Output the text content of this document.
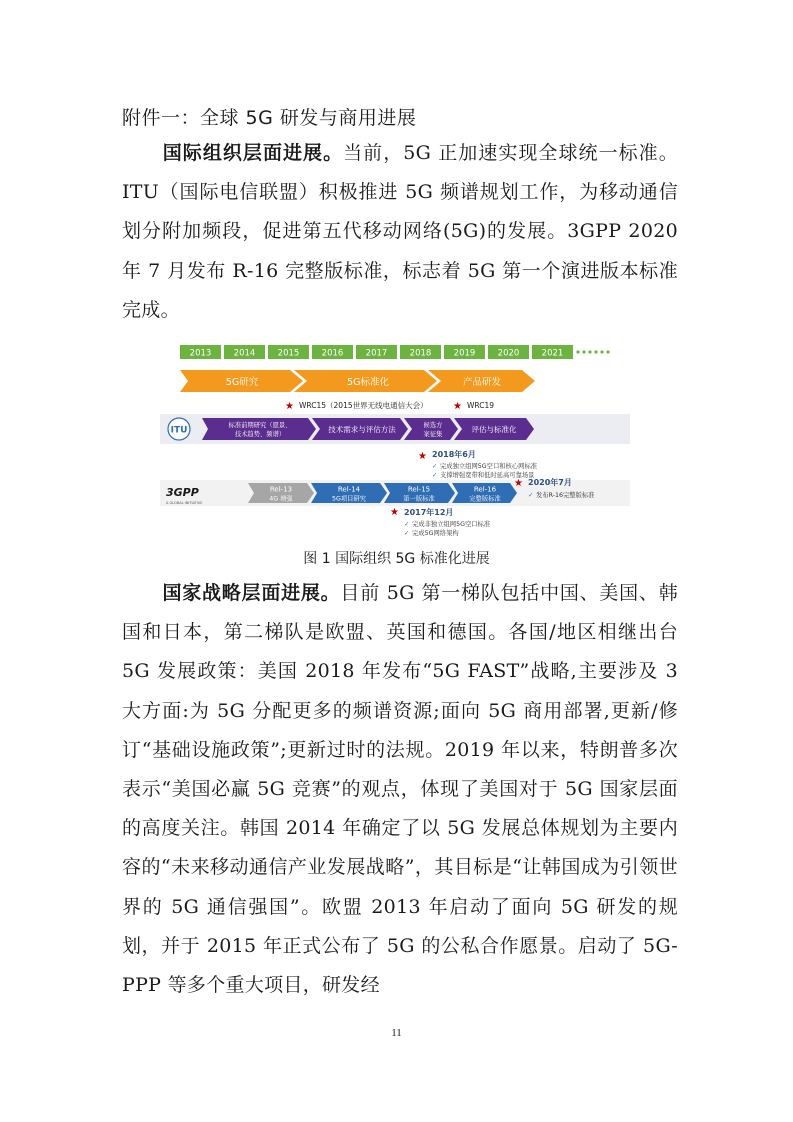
附件一：全球 5G 研发与商用进展
国际组织层面进展。当前，5G 正加速实现全球统一标准。ITU（国际电信联盟）积极推进 5G 频谱规划工作，为移动通信划分附加频段，促进第五代移动网络(5G)的发展。3GPP 2020 年 7 月发布 R-16 完整版标准，标志着 5G 第一个演进版本标准完成。
2013	2014	2015	2016	2017	2018	2019	2020	2021
5G研究	5G标准化	产品研发
★ WRC15（2015世界无线电通信大会）	★ WRC19
ITU	标准前期研究（愿景、
技术趋势、频谱）
技术需求与评估方法	候选方
案征集
评估与标准化
★ 2018年6月
✓ 完成独立组网5G空口和核心网标准
✓ 支撑增强宽带和低时延高可靠场景
3GPP
A GLOBAL INITIATIVE
Rel-13
4G 增强
Rel-14
5G项目研究
Rel-15
第一版标准
Rel-16
完整版标准
★ 2020年7月
✓ 发布R-16完整版标准
★ 2017年12月
✓ 完成非独立组网5G空口标准
✓ 完成5G网络架构
图 1 国际组织 5G 标准化进展
国家战略层面进展。目前 5G 第一梯队包括中国、美国、韩国和日本，第二梯队是欧盟、英国和德国。各国/地区相继出台 5G 发展政策：美国 2018 年发布“5G FAST”战略,主要涉及 3 大方面:为 5G 分配更多的频谱资源;面向 5G 商用部署,更新/修订“基础设施政策”;更新过时的法规。2019 年以来，特朗普多次表示“美国必赢 5G 竞赛”的观点，体现了美国对于 5G 国家层面的高度关注。韩国 2014 年确定了以 5G 发展总体规划为主要内容的“未来移动通信产业发展战略”，其目标是“让韩国成为引领世界的 5G 通信强国”。欧盟 2013 年启动了面向 5G 研发的规划，并于 2015 年正式公布了 5G 的公私合作愿景。启动了 5G-PPP 等多个重大项目，研发经
11
